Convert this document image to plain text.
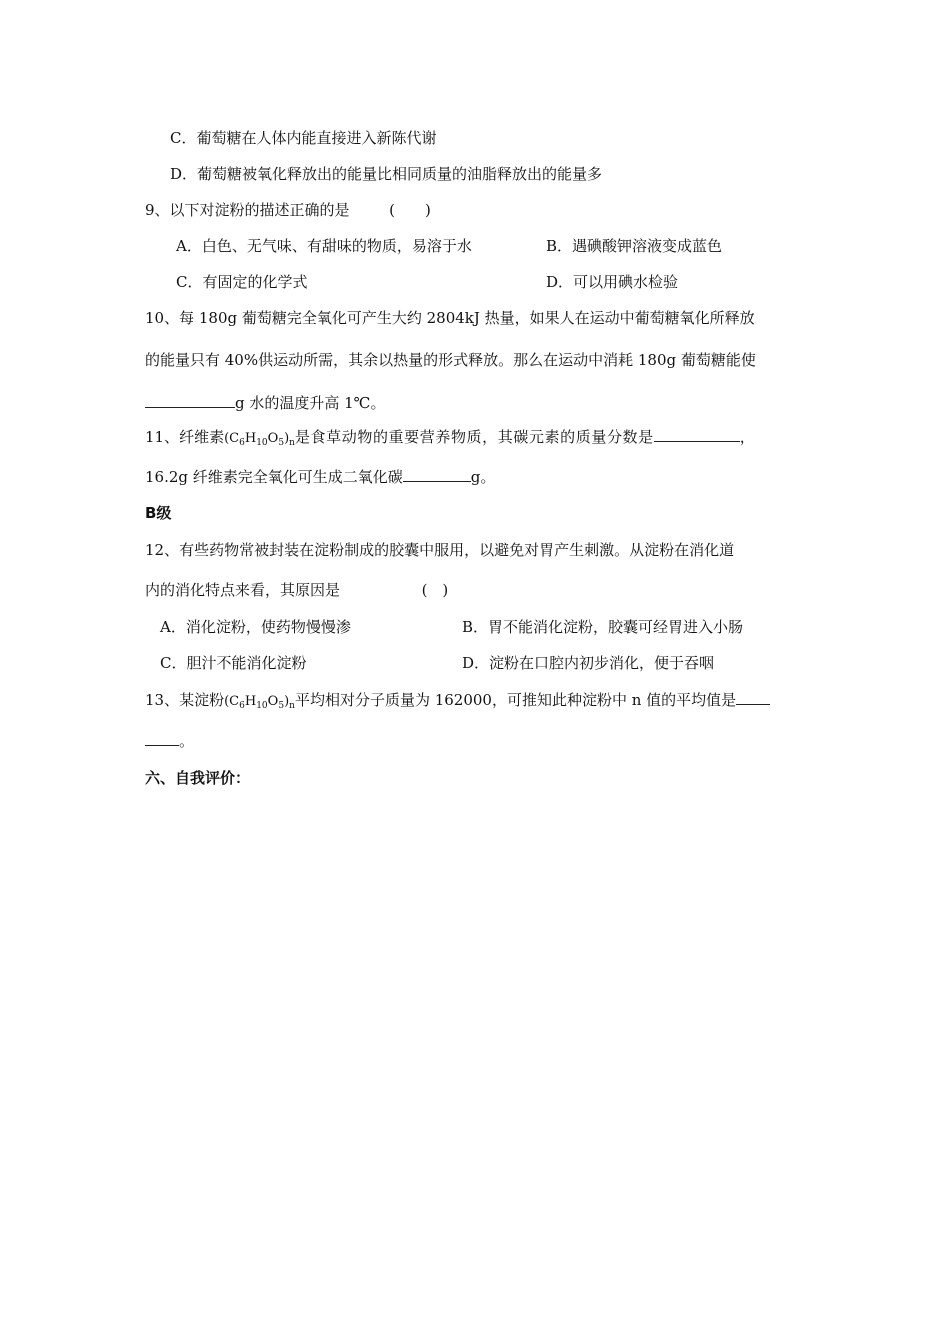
C．葡萄糖在人体内能直接进入新陈代谢
D．葡萄糖被氧化释放出的能量比相同质量的油脂释放出的能量多
9、以下对淀粉的描述正确的是	(　　)
A．白色、无气味、有甜味的物质，易溶于水	B．遇碘酸钾溶液变成蓝色
C．有固定的化学式	D．可以用碘水检验
10、每 180g 葡萄糖完全氧化可产生大约 2804kJ 热量，如果人在运动中葡萄糖氧化所释放
的能量只有 40%供运动所需，其余以热量的形式释放。那么在运动中消耗 180g 葡萄糖能使
g 水的温度升高 1℃。
11、纤维素$(C_6H_{10}O_5)_n$是食草动物的重要营养物质，其碳元素的质量分数是	，
16.2g 纤维素完全氧化可生成二氧化碳	g。
B级
12、有些药物常被封装在淀粉制成的胶囊中服用，以避免对胃产生刺激。从淀粉在消化道
内的消化特点来看，其原因是	(　)
A．消化淀粉，使药物慢慢渗	B．胃不能消化淀粉，胶囊可经胃进入小肠
C．胆汁不能消化淀粉	D．淀粉在口腔内初步消化，便于吞咽
13、某淀粉$(C_6H_{10}O_5)_n$平均相对分子质量为 162000，可推知此种淀粉中 n 值的平均值是
。
六、自我评价：
